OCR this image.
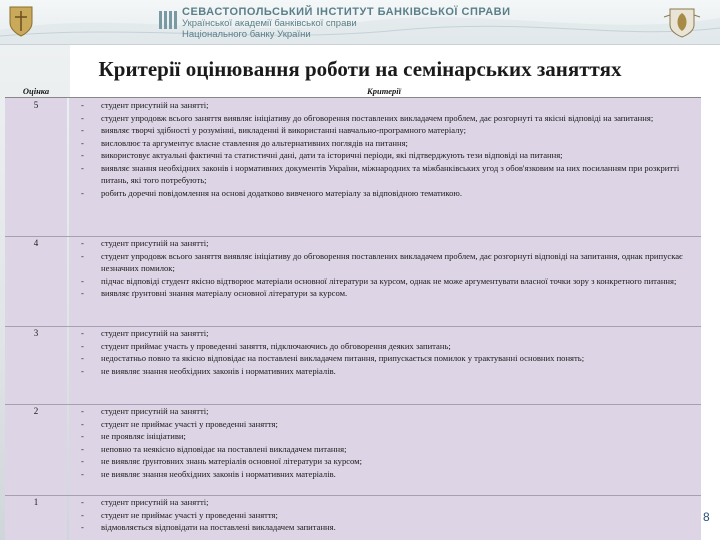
СЕВАСТОПОЛЬСЬКИЙ ІНСТИТУТ БАНКІВСЬКОЇ СПРАВИ
Української академії банківської справи
Національного банку України
Критерії оцінювання роботи на семінарських заняттях
Оцінка	Критерії
5	- студент присутній на занятті;
- студент упродовж всього заняття виявляє ініціативу до обговорення поставлених викладачем проблем, дає розгорнуті та якісні відповіді на запитання;
- виявляє творчі здібності у розумінні, викладенні й використанні навчально-програмного матеріалу;
- висловлює та аргументує власне ставлення до альтернативних поглядів на питання;
- використовує актуальні фактичні та статистичні дані, дати та історичні періоди, які підтверджують тези відповіді на питання;
- виявляє знання необхідних законів і нормативних документів України, міжнародних та міжбанківських угод з обов'язковим на них посиланням при розкритті питань, які того потребують;
- робить доречні повідомлення на основі додатково вивченого матеріалу за відповідною тематикою.
4	- студент присутній на занятті;
- студент упродовж всього заняття виявляє ініціативу до обговорення поставлених викладачем проблем, дає розгорнуті відповіді на запитання, однак припускає незначних помилок;
- підчас відповіді студент якісно відтворює матеріали основної літератури за курсом, однак не може аргументувати власної точки зору з конкретного питання;
- виявляє ґрунтовні знання матеріалу основної літератури за курсом.
3	- студент присутній на занятті;
- студент приймає участь у проведенні заняття, підключаючись до обговорення деяких запитань;
- недостатньо повно та якісно відповідає на поставлені викладачем питання, припускається помилок у трактуванні основних понять;
- не виявляє знання необхідних законів і нормативних матеріалів.
2	- студент присутній на занятті;
- студент не приймає участі у проведенні заняття;
- не проявляє ініціативи;
- неповно та неякісно відповідає на поставлені викладачем питання;
- не виявляє ґрунтовних знань матеріалів основної літератури за курсом;
- не виявляє знання необхідних законів і нормативних матеріалів.
1	- студент присутній на занятті;
- студент не приймає участі у проведенні заняття;
- відмовляється відповідати на поставлені викладачем запитання.
8
